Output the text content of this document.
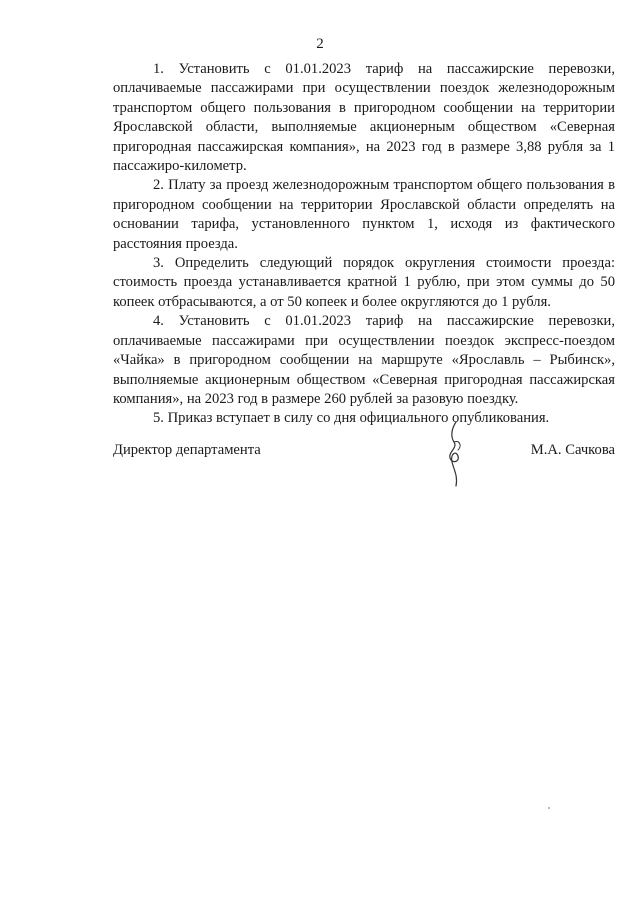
2

1. Установить с 01.01.2023 тариф на пассажирские перевозки, оплачиваемые пассажирами при осуществлении поездок железнодорожным транспортом общего пользования в пригородном сообщении на территории Ярославской области, выполняемые акционерным обществом «Северная пригородная пассажирская компания», на 2023 год в размере 3,88 рубля за 1 пассажиро-километр.

2. Плату за проезд железнодорожным транспортом общего пользования в пригородном сообщении на территории Ярославской области определять на основании тарифа, установленного пунктом 1, исходя из фактического расстояния проезда.

3. Определить следующий порядок округления стоимости проезда: стоимость проезда устанавливается кратной 1 рублю, при этом суммы до 50 копеек отбрасываются, а от 50 копеек и более округляются до 1 рубля.

4. Установить с 01.01.2023 тариф на пассажирские перевозки, оплачиваемые пассажирами при осуществлении поездок экспресс-поездом «Чайка» в пригородном сообщении на маршруте «Ярославль – Рыбинск», выполняемые акционерным обществом «Северная пригородная пассажирская компания», на 2023 год в размере 260 рублей за разовую поездку.

5. Приказ вступает в силу со дня официального опубликования.

Директор департамента	М.А. Сачкова
